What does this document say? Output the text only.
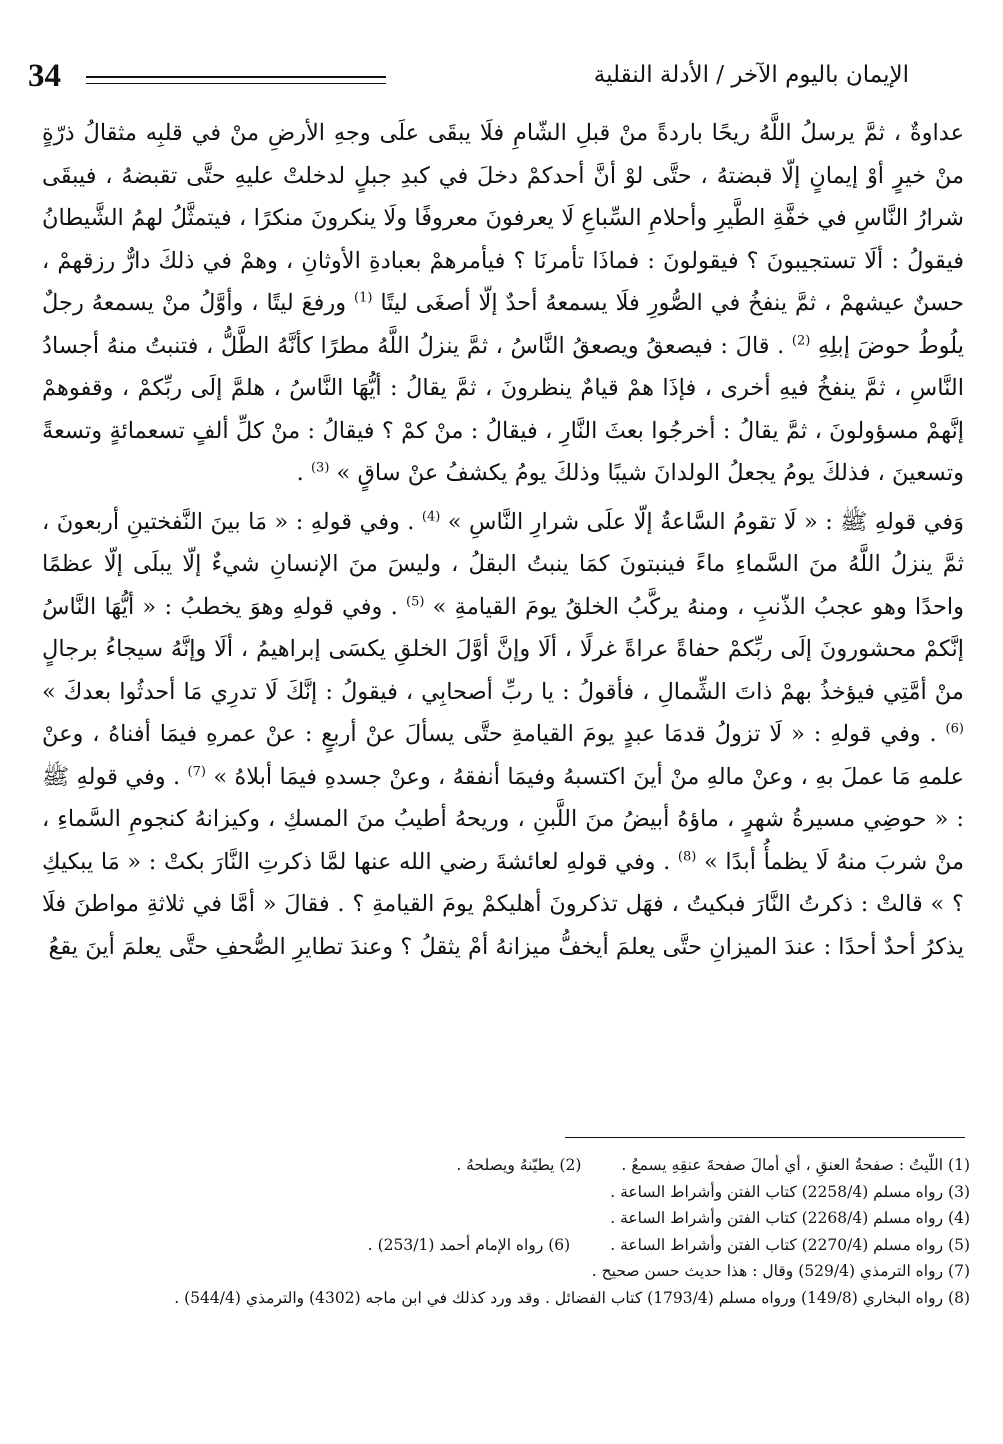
34	الإيمان باليوم الآخر / الأدلة النقلية

عداوةٌ ، ثمَّ يرسلُ اللَّهُ ريحًا باردةً منْ قبلِ الشّامِ فلَا يبقَى علَى وجهِ الأرضِ منْ في قلبِه مثقالُ ذرّةٍ منْ خيرٍ أوْ إيمانٍ إلّا قبضتهُ ، حتَّى لوْ أنَّ أحدكمْ دخلَ في كبدِ جبلٍ لدخلتْ عليهِ حتَّى تقبضهُ ، فيبقَى شرارُ النَّاسِ في خفَّةِ الطَّيرِ وأحلامِ السِّباعِ لَا يعرفونَ معروفًا ولَا ينكرونَ منكرًا ، فيتمثَّلُ لهمُ الشَّيطانُ فيقولُ : ألَا تستجيبونَ ؟ فيقولونَ : فماذَا تأمرنَا ؟ فيأمرهمْ بعبادةِ الأوثانِ ، وهمْ في ذلكَ دارٌّ رزقهمْ ، حسنٌ عيشهمْ ، ثمَّ ينفخُ في الصُّورِ فلَا يسمعهُ أحدٌ إلّا أصغَى ليتًا $^{(1)}$ ورفعَ ليتًا ، وأوَّلُ منْ يسمعهُ رجلٌ يلُوطُ حوضَ إبلِهِ $^{(2)}$ . قالَ : فيصعقُ ويصعقُ النَّاسُ ، ثمَّ ينزلُ اللَّهُ مطرًا كأنَّهُ الطَّلُّ ، فتنبتُ منهُ أجسادُ النَّاسِ ، ثمَّ ينفخُ فيهِ أخرى ، فإذَا همْ قيامٌ ينظرونَ ، ثمَّ يقالُ : أيُّهَا النَّاسُ ، هلمَّ إلَى ربِّكمْ ، وقفوهمْ إنَّهمْ مسؤولونَ ، ثمَّ يقالُ : أخرجُوا بعثَ النَّارِ ، فيقالُ : منْ كمْ ؟ فيقالُ : منْ كلِّ ألفٍ تسعمائةٍ وتسعةً وتسعينَ ، فذلكَ يومُ يجعلُ الولدانَ شيبًا وذلكَ يومُ يكشفُ عنْ ساقٍ » $^{(3)}$ .

وَفي قولهِ ﷺ : « لَا تقومُ السَّاعةُ إلّا علَى شرارِ النَّاسِ » $^{(4)}$ . وفي قولهِ : « مَا بينَ النَّفختينِ أربعونَ ، ثمَّ ينزلُ اللَّهُ منَ السَّماءِ ماءً فينبتونَ كمَا ينبتُ البقلُ ، وليسَ منَ الإنسانِ شيءٌ إلّا يبلَى إلّا عظمًا واحدًا وهو عجبُ الذّنبِ ، ومنهُ يركَّبُ الخلقُ يومَ القيامةِ » $^{(5)}$ . وفي قولهِ وهوَ يخطبُ : « أيُّهَا النَّاسُ إنَّكمْ محشورونَ إلَى ربِّكمْ حفاةً عراةً غرلًا ، ألَا وإنَّ أوَّلَ الخلقِ يكسَى إبراهيمُ ، ألَا وإنَّهُ سيجاءُ برجالٍ منْ أمَّتِي فيؤخذُ بهمْ ذاتَ الشِّمالِ ، فأقولُ : يا ربِّ أصحابِي ، فيقولُ : إنَّكَ لَا تدرِي مَا أحدثُوا بعدكَ » $^{(6)}$ . وفي قولهِ : « لَا تزولُ قدمَا عبدٍ يومَ القيامةِ حتَّى يسألَ عنْ أربعٍ : عنْ عمرهِ فيمَا أفناهُ ، وعنْ علمهِ مَا عملَ بهِ ، وعنْ مالهِ منْ أينَ اكتسبهُ وفيمَا أنفقهُ ، وعنْ جسدهِ فيمَا أبلاهُ » $^{(7)}$ . وفي قولهِ ﷺ : « حوضِي مسيرةُ شهرٍ ، ماؤهُ أبيضُ منَ اللَّبنِ ، وريحهُ أطيبُ منَ المسكِ ، وكيزانهُ كنجومِ السَّماءِ ، منْ شربَ منهُ لَا يظمأُ أبدًا » $^{(8)}$ . وفي قولهِ لعائشةَ رضي الله عنها لمَّا ذكرتِ النَّارَ بكتْ : « مَا يبكيكِ ؟ » قالتْ : ذكرتُ النَّارَ فبكيتُ ، فهَل تذكرونَ أهليكمْ يومَ القيامةِ ؟ . فقالَ « أمَّا في ثلاثةِ مواطنَ فلَا يذكرُ أحدٌ أحدًا : عندَ الميزانِ حتَّى يعلمَ أيخفُّ ميزانهُ أمْ يثقلُ ؟ وعندَ تطايرِ الصُّحفِ حتَّى يعلمَ أينَ يقعُ

(1) اللّيتُ : صفحةُ العنقِ ، أي أمالَ صفحةَ عنقِهِ يسمعُ .(2) يطيّنهُ ويصلحهُ .
(3) رواه مسلم (2258/4) كتاب الفتن وأشراط الساعة .
(4) رواه مسلم (2268/4) كتاب الفتن وأشراط الساعة .
(5) رواه مسلم (2270/4) كتاب الفتن وأشراط الساعة .(6) رواه الإمام أحمد (253/1) .
(7) رواه الترمذي (529/4) وقال : هذا حديث حسن صحيح .
(8) رواه البخاري (149/8) ورواه مسلم (1793/4) كتاب الفضائل . وقد ورد كذلك في ابن ماجه (4302) والترمذي (544/4) .
